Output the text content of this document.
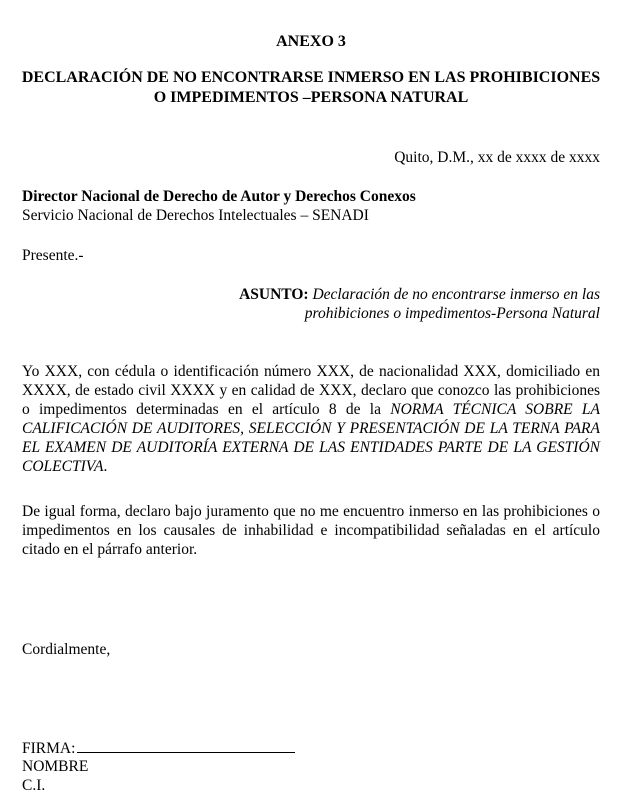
ANEXO 3
DECLARACIÓN DE NO ENCONTRARSE INMERSO EN LAS PROHIBICIONES O IMPEDIMENTOS –PERSONA NATURAL
Quito, D.M., xx de xxxx de xxxx
Director Nacional de Derecho de Autor y Derechos Conexos
Servicio Nacional de Derechos Intelectuales – SENADI
Presente.-
ASUNTO: Declaración de no encontrarse inmerso en las prohibiciones o impedimentos-Persona Natural
Yo XXX, con cédula o identificación número XXX, de nacionalidad XXX, domiciliado en XXXX, de estado civil XXXX y en calidad de XXX, declaro que conozco las prohibiciones o impedimentos determinadas en el artículo 8 de la NORMA TÉCNICA SOBRE LA CALIFICACIÓN DE AUDITORES, SELECCIÓN Y PRESENTACIÓN DE LA TERNA PARA EL EXAMEN DE AUDITORÍA EXTERNA DE LAS ENTIDADES PARTE DE LA GESTIÓN COLECTIVA.
De igual forma, declaro bajo juramento que no me encuentro inmerso en las prohibiciones o impedimentos en los causales de inhabilidad e incompatibilidad señaladas en el artículo citado en el párrafo anterior.
Cordialmente,
FIRMA:
NOMBRE
C.I.
